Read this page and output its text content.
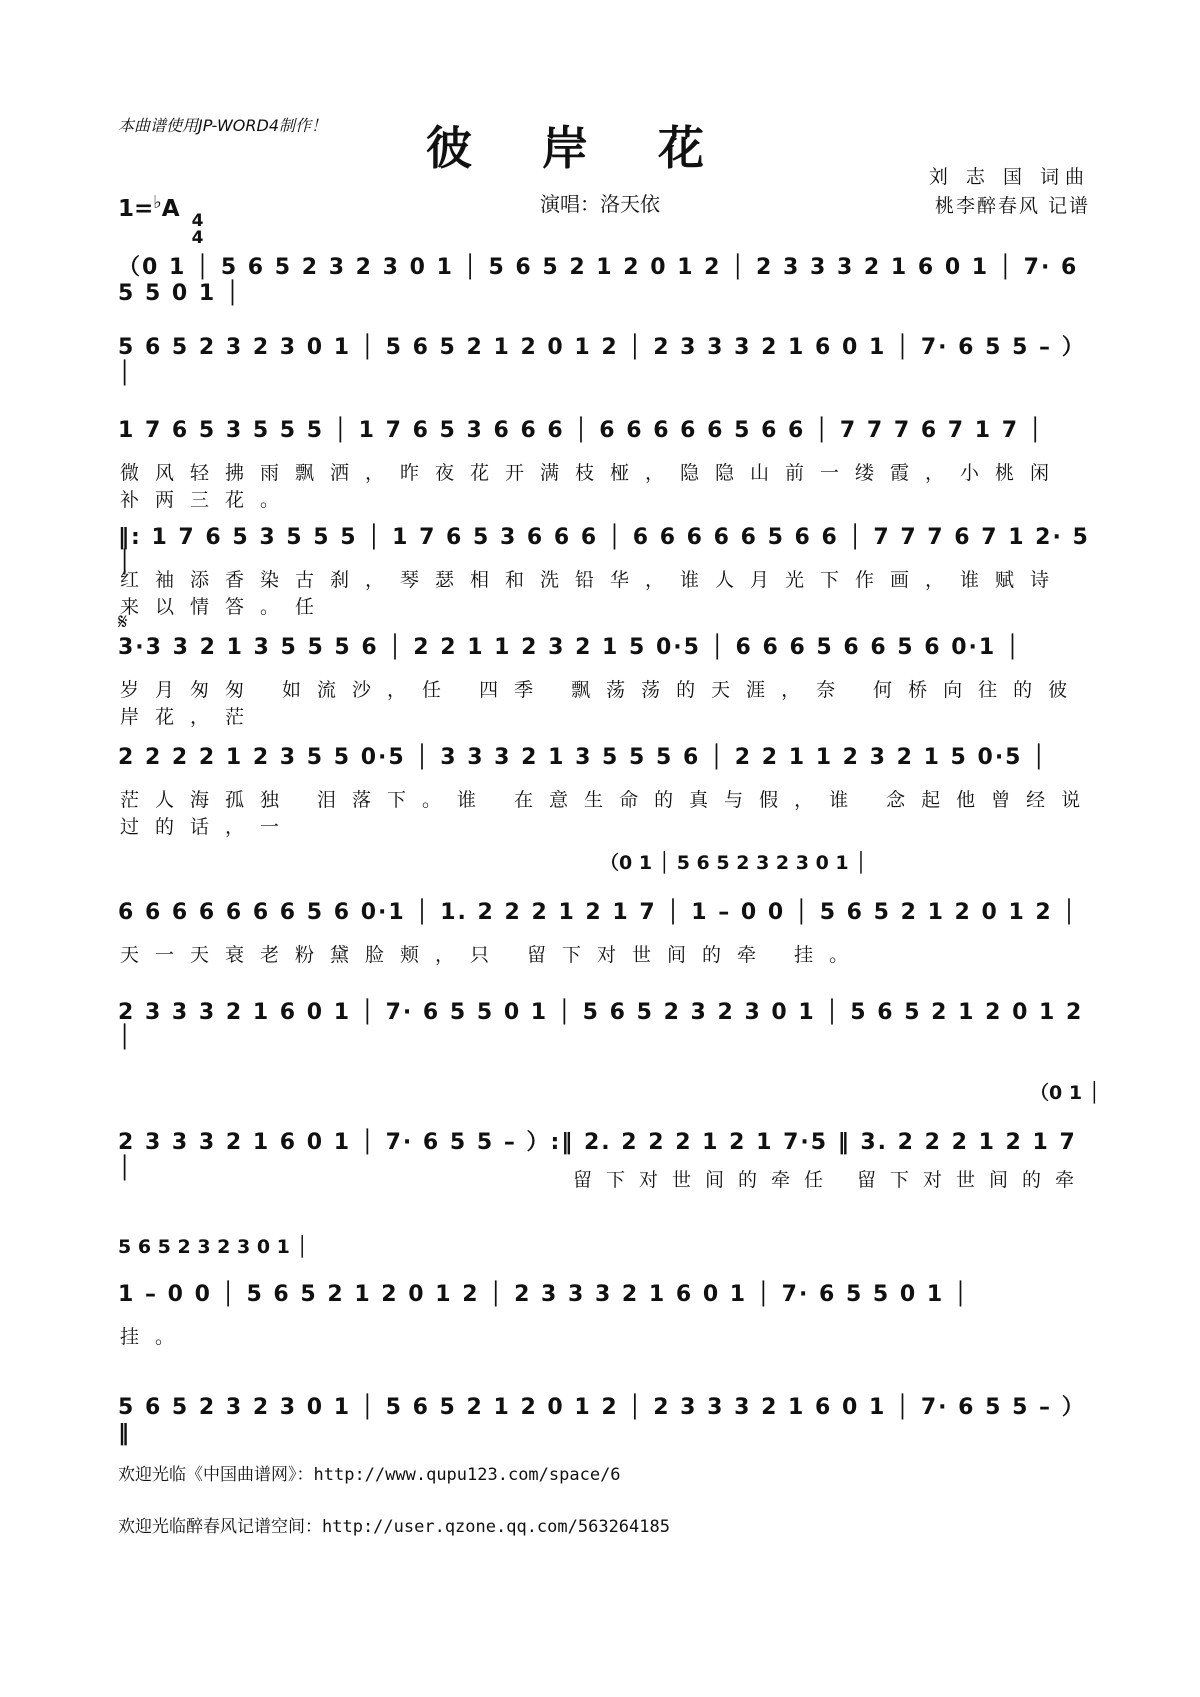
本曲谱使用JP-WORD4制作！	彼岸花
1=♭A 4
4
演唱：洛天依
刘 志 国 词曲
桃李醉春风 记谱
（0 1 │ 5 6 5 2 3 2 3 0 1 │ 5 6 5 2 1 2 0 1 2 │ 2 3 3 3 2 1 6 0 1 │ 7· 6 5 5 0 1 │
5 6 5 2 3 2 3 0 1 │ 5 6 5 2 1 2 0 1 2 │ 2 3 3 3 2 1 6 0 1 │ 7· 6 5 5 – ）│
1 7 6 5 3 5 5 5 │ 1 7 6 5 3 6 6 6 │ 6 6 6 6 6 5 6 6 │ 7 7 7 6 7 1 7 │
微风轻拂雨飘洒，昨夜花开满枝桠，隐隐山前一缕霞，小桃闲补两三花。
‖: 1 7 6 5 3 5 5 5 │ 1 7 6 5 3 6 6 6 │ 6 6 6 6 6 5 6 6 │ 7 7 7 6 7 1 2· 5 │
红袖添香染古刹，琴瑟相和洗铅华，谁人月光下作画，谁赋诗来以情答。任
𝄋
3·3 3 2 1 3 5 5 5 6 │ 2 2 1 1 2 3 2 1 5 0·5 │ 6 6 6 5 6 6 5 6 0·1 │
岁月匆匆 如流沙，任 四季 飘荡荡的天涯，奈 何桥向往的彼岸花，茫
2 2 2 2 1 2 3 5 5 0·5 │ 3 3 3 2 1 3 5 5 5 6 │ 2 2 1 1 2 3 2 1 5 0·5 │
茫人海孤独 泪落下。谁 在意生命的真与假，谁 念起他曾经说过的话，一
（0 1 │ 5 6 5 2 3 2 3 0 1 │
6 6 6 6 6 6 6 5 6 0·1 │ 1. 2 2 2 1 2 1 7 │ 1 – 0 0 │ 5 6 5 2 1 2 0 1 2 │
天一天衰老粉黛脸颊，只 留下对世间的牵 挂。
2 3 3 3 2 1 6 0 1 │ 7· 6 5 5 0 1 │ 5 6 5 2 3 2 3 0 1 │ 5 6 5 2 1 2 0 1 2 │
（0 1 │
2 3 3 3 2 1 6 0 1 │ 7· 6 5 5 – ）:‖ 2. 2 2 2 1 2 1 7·5 ‖ 3. 2 2 2 1 2 1 7 │	留下对世间的牵任 留下对世间的牵
5 6 5 2 3 2 3 0 1 │
1 – 0 0 │ 5 6 5 2 1 2 0 1 2 │ 2 3 3 3 2 1 6 0 1 │ 7· 6 5 5 0 1 │
挂。
5 6 5 2 3 2 3 0 1 │ 5 6 5 2 1 2 0 1 2 │ 2 3 3 3 2 1 6 0 1 │ 7· 6 5 5 – ）‖
欢迎光临《中国曲谱网》：http://www.qupu123.com/space/6
欢迎光临醉春风记谱空间：http://user.qzone.qq.com/563264185
